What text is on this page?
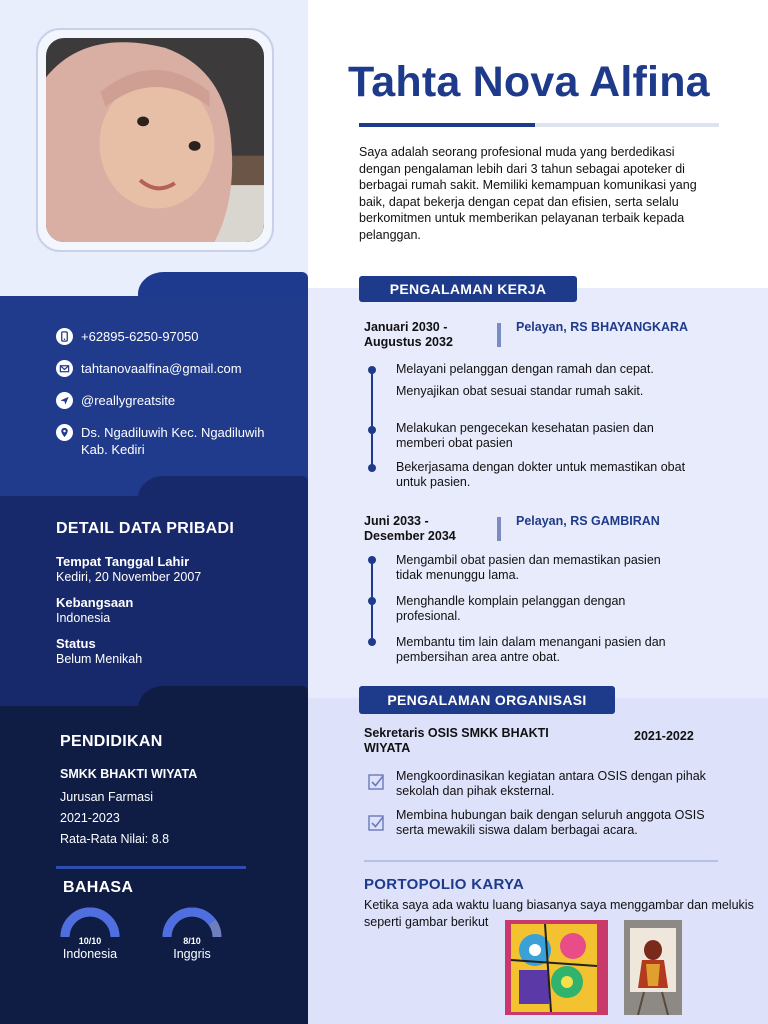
+62895-6250-97050
tahtanovaalfina@gmail.com
@reallygreatsite
Ds. Ngadiluwih Kec. Ngadiluwih
Kab. Kediri
DETAIL DATA PRIBADI
Tempat Tanggal Lahir
Kediri, 20 November 2007
Kebangsaan
Indonesia
Status
Belum Menikah
PENDIDIKAN
SMKK BHAKTI WIYATA
Jurusan Farmasi
2021-2023
Rata-Rata Nilai: 8.8
BAHASA
10/10
Indonesia
8/10
Inggris
Tahta Nova Alfina
Saya adalah seorang profesional muda yang berdedikasi dengan pengalaman lebih dari 3 tahun sebagai apoteker di berbagai rumah sakit. Memiliki kemampuan komunikasi yang baik, dapat bekerja dengan cepat dan efisien, serta selalu berkomitmen untuk memberikan pelayanan terbaik kepada pelanggan.
PENGALAMAN KERJA
Januari 2030 -
Augustus 2032
Pelayan, RS BHAYANGKARA
Melayani pelanggan dengan ramah dan cepat.
Menyajikan obat sesuai standar rumah sakit.
Melakukan pengecekan kesehatan pasien dan memberi obat pasien
Bekerjasama dengan dokter untuk memastikan obat untuk pasien.
Juni 2033 -
Desember 2034
Pelayan, RS GAMBIRAN
Mengambil obat pasien dan memastikan pasien tidak menunggu lama.
Menghandle komplain pelanggan dengan profesional.
Membantu tim lain dalam menangani pasien dan pembersihan area antre obat.
PENGALAMAN ORGANISASI
Sekretaris OSIS SMKK BHAKTI WIYATA
2021-2022
Mengkoordinasikan kegiatan antara OSIS dengan pihak sekolah dan pihak eksternal.
Membina hubungan baik dengan seluruh anggota OSIS serta mewakili siswa dalam berbagai acara.
PORTOPOLIO KARYA
Ketika saya ada waktu luang biasanya saya menggambar dan melukis seperti gambar berikut
